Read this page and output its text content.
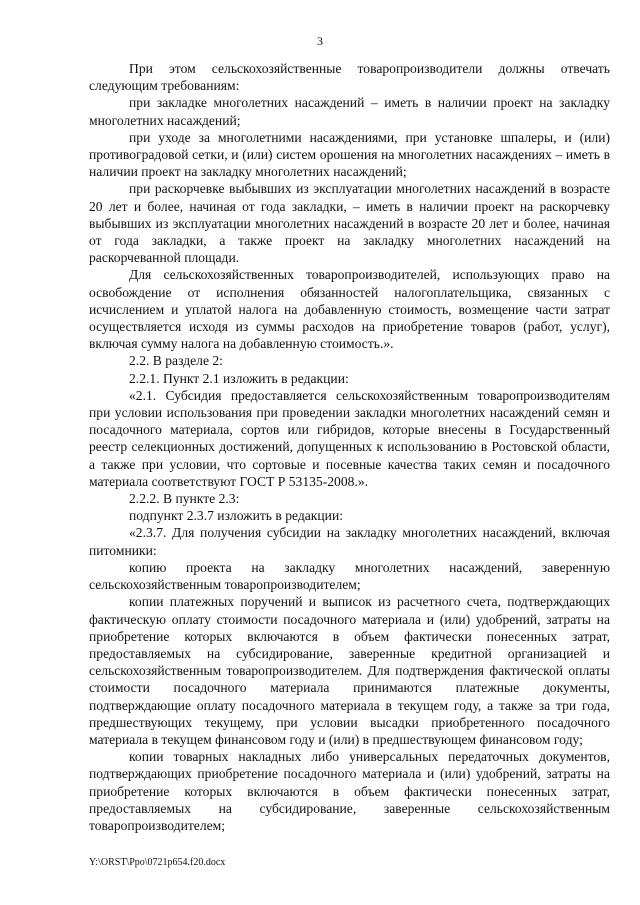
3

При этом сельскохозяйственные товаропроизводители должны отвечать следующим требованиям:

при закладке многолетних насаждений – иметь в наличии проект на закладку многолетних насаждений;

при уходе за многолетними насаждениями, при установке шпалеры, и (или) противоградовой сетки, и (или) систем орошения на многолетних насаждениях – иметь в наличии проект на закладку многолетних насаждений;

при раскорчевке выбывших из эксплуатации многолетних насаждений в возрасте 20 лет и более, начиная от года закладки, – иметь в наличии проект на раскорчевку выбывших из эксплуатации многолетних насаждений в возрасте 20 лет и более, начиная от года закладки, а также проект на закладку многолетних насаждений на раскорчеванной площади.

Для сельскохозяйственных товаропроизводителей, использующих право на освобождение от исполнения обязанностей налогоплательщика, связанных с исчислением и уплатой налога на добавленную стоимость, возмещение части затрат осуществляется исходя из суммы расходов на приобретение товаров (работ, услуг), включая сумму налога на добавленную стоимость.».

2.2. В разделе 2:

2.2.1. Пункт 2.1 изложить в редакции:

«2.1. Субсидия предоставляется сельскохозяйственным товаропроизводителям при условии использования при проведении закладки многолетних насаждений семян и посадочного материала, сортов или гибридов, которые внесены в Государственный реестр селекционных достижений, допущенных к использованию в Ростовской области, а также при условии, что сортовые и посевные качества таких семян и посадочного материала соответствуют ГОСТ Р 53135-2008.».

2.2.2. В пункте 2.3:

подпункт 2.3.7 изложить в редакции:

«2.3.7. Для получения субсидии на закладку многолетних насаждений, включая питомники:

копию проекта на закладку многолетних насаждений, заверенную сельскохозяйственным товаропроизводителем;

копии платежных поручений и выписок из расчетного счета, подтверждающих фактическую оплату стоимости посадочного материала и (или) удобрений, затраты на приобретение которых включаются в объем фактически понесенных затрат, предоставляемых на субсидирование, заверенные кредитной организацией и сельскохозяйственным товаропроизводителем. Для подтверждения фактической оплаты стоимости посадочного материала принимаются платежные документы, подтверждающие оплату посадочного материала в текущем году, а также за три года, предшествующих текущему, при условии высадки приобретенного посадочного материала в текущем финансовом году и (или) в предшествующем финансовом году;

копии товарных накладных либо универсальных передаточных документов, подтверждающих приобретение посадочного материала и (или) удобрений, затраты на приобретение которых включаются в объем фактически понесенных затрат, предоставляемых на субсидирование, заверенные сельскохозяйственным товаропроизводителем;

Y:\ORST\Ppo\0721p654.f20.docx
